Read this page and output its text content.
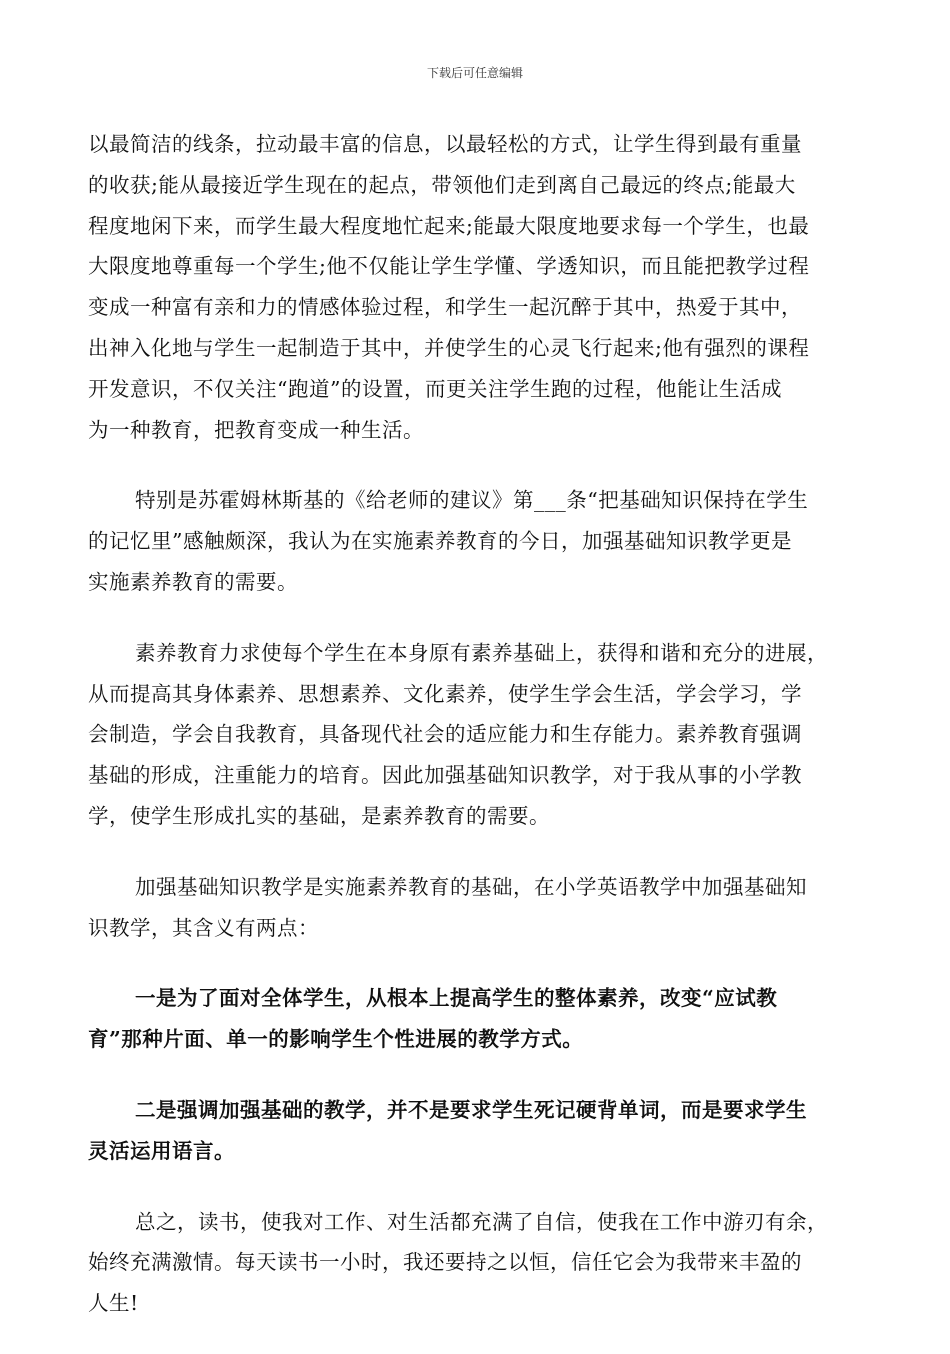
下载后可任意编辑
以最简洁的线条，拉动最丰富的信息，以最轻松的方式，让学生得到最有重量
的收获;能从最接近学生现在的起点，带领他们走到离自己最远的终点;能最大
程度地闲下来，而学生最大程度地忙起来;能最大限度地要求每一个学生，也最
大限度地尊重每一个学生;他不仅能让学生学懂、学透知识，而且能把教学过程
变成一种富有亲和力的情感体验过程，和学生一起沉醉于其中，热爱于其中，
出神入化地与学生一起制造于其中，并使学生的心灵飞行起来;他有强烈的课程
开发意识，不仅关注“跑道”的设置，而更关注学生跑的过程，他能让生活成
为一种教育，把教育变成一种生活。
特别是苏霍姆林斯基的《给老师的建议》第___条“把基础知识保持在学生
的记忆里”感触颇深，我认为在实施素养教育的今日，加强基础知识教学更是
实施素养教育的需要。
素养教育力求使每个学生在本身原有素养基础上，获得和谐和充分的进展，
从而提高其身体素养、思想素养、文化素养，使学生学会生活，学会学习，学
会制造，学会自我教育，具备现代社会的适应能力和生存能力。素养教育强调
基础的形成，注重能力的培育。因此加强基础知识教学，对于我从事的小学教
学，使学生形成扎实的基础，是素养教育的需要。
加强基础知识教学是实施素养教育的基础，在小学英语教学中加强基础知
识教学，其含义有两点：
一是为了面对全体学生，从根本上提高学生的整体素养，改变“应试教
育”那种片面、单一的影响学生个性进展的教学方式。
二是强调加强基础的教学，并不是要求学生死记硬背单词，而是要求学生
灵活运用语言。
总之，读书，使我对工作、对生活都充满了自信，使我在工作中游刃有余，
始终充满激情。每天读书一小时，我还要持之以恒，信任它会为我带来丰盈的
人生!
